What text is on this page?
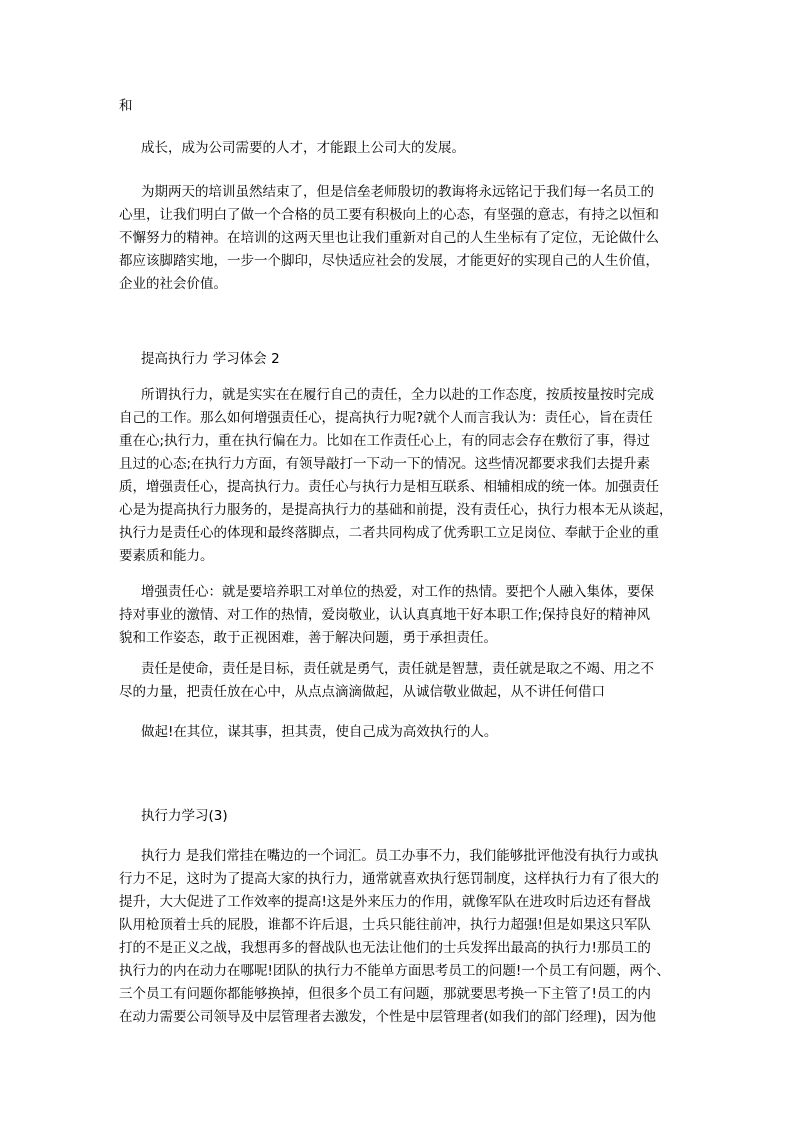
和

成长，成为公司需要的人才，才能跟上公司大的发展。

为期两天的培训虽然结束了，但是信垒老师殷切的教诲将永远铭记于我们每一名员工的

心里，让我们明白了做一个合格的员工要有积极向上的心态，有坚强的意志，有持之以恒和

不懈努力的精神。在培训的这两天里也让我们重新对自己的人生坐标有了定位，无论做什么

都应该脚踏实地，一步一个脚印，尽快适应社会的发展，才能更好的实现自己的人生价值，

企业的社会价值。

提高执行力 学习体会 2

所谓执行力，就是实实在在履行自己的责任，全力以赴的工作态度，按质按量按时完成

自己的工作。那么如何增强责任心，提高执行力呢?就个人而言我认为：责任心，旨在责任

重在心;执行力，重在执行偏在力。比如在工作责任心上，有的同志会存在敷衍了事，得过

且过的心态;在执行力方面，有领导敲打一下动一下的情况。这些情况都要求我们去提升素

质，增强责任心，提高执行力。责任心与执行力是相互联系、相辅相成的统一体。加强责任

心是为提高执行力服务的，是提高执行力的基础和前提，没有责任心，执行力根本无从谈起，

执行力是责任心的体现和最终落脚点，二者共同构成了优秀职工立足岗位、奉献于企业的重

要素质和能力。

增强责任心：就是要培养职工对单位的热爱，对工作的热情。要把个人融入集体，要保

持对事业的激情、对工作的热情，爱岗敬业，认认真真地干好本职工作;保持良好的精神风

貌和工作姿态，敢于正视困难，善于解决问题，勇于承担责任。

责任是使命，责任是目标，责任就是勇气，责任就是智慧，责任就是取之不竭、用之不

尽的力量，把责任放在心中，从点点滴滴做起，从诚信敬业做起，从不讲任何借口

做起!在其位，谋其事，担其责，使自己成为高效执行的人。

执行力学习(3)

执行力 是我们常挂在嘴边的一个词汇。员工办事不力，我们能够批评他没有执行力或执

行力不足，这时为了提高大家的执行力，通常就喜欢执行惩罚制度，这样执行力有了很大的

提升，大大促进了工作效率的提高!这是外来压力的作用，就像军队在进攻时后边还有督战

队用枪顶着士兵的屁股，谁都不许后退，士兵只能往前冲，执行力超强!但是如果这只军队

打的不是正义之战，我想再多的督战队也无法让他们的士兵发挥出最高的执行力!那员工的

执行力的内在动力在哪呢!团队的执行力不能单方面思考员工的问题!一个员工有问题，两个、

三个员工有问题你都能够换掉，但很多个员工有问题，那就要思考换一下主管了!员工的内

在动力需要公司领导及中层管理者去激发，个性是中层管理者(如我们的部门经理)，因为他
